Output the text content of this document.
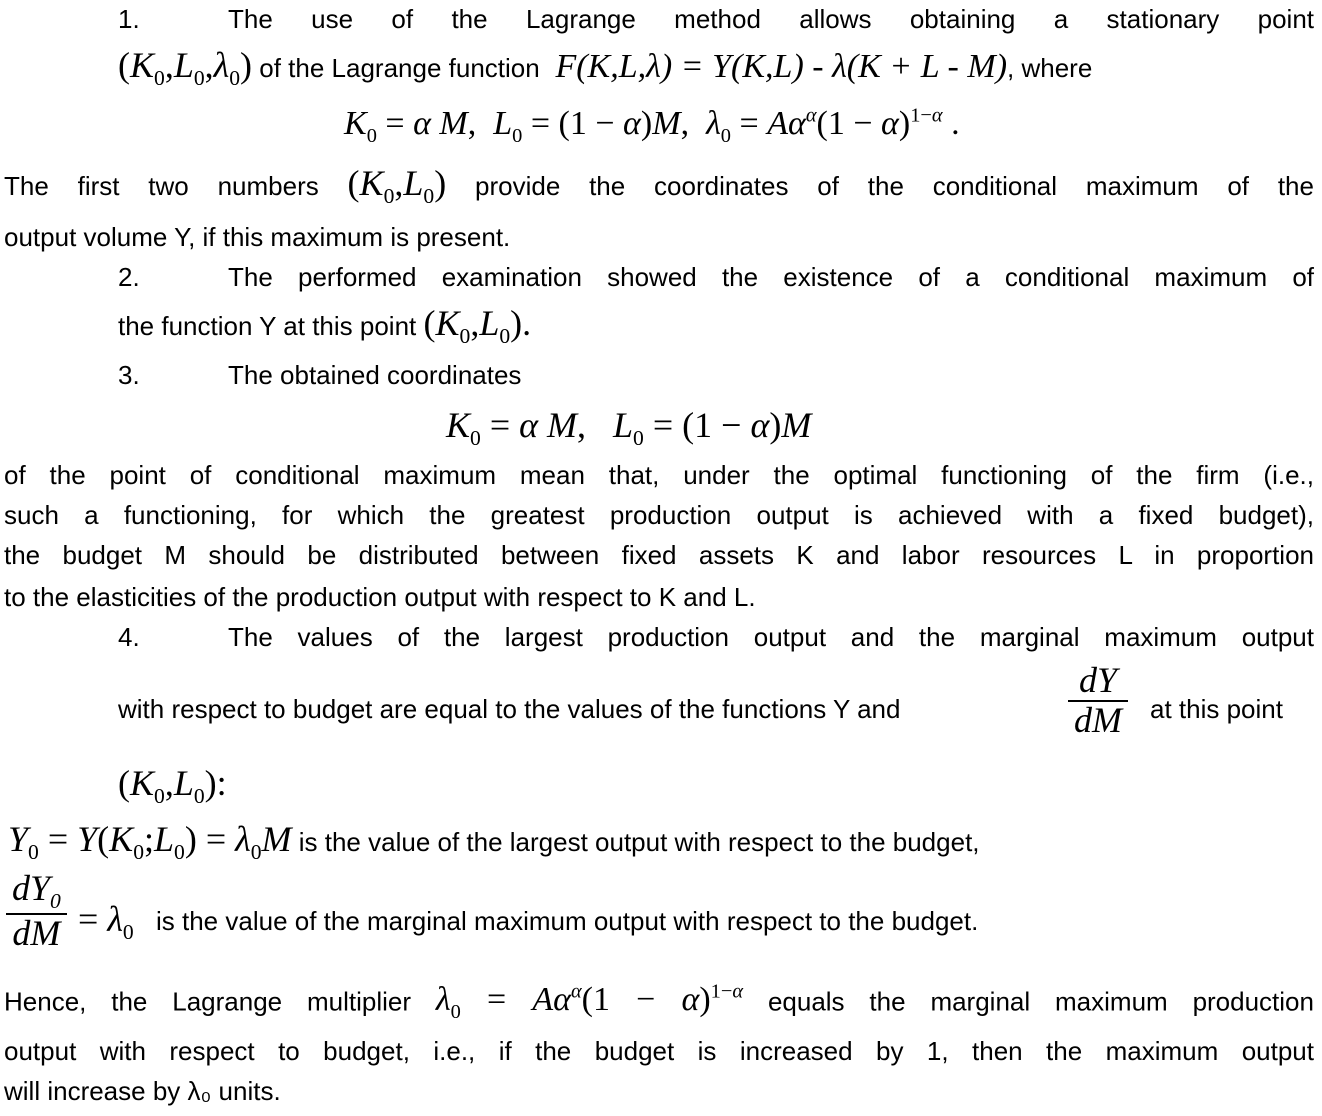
1.	The use of the Lagrange method allows obtaining a stationary point
$(K_0,L_0,\lambda_0)$ of the Lagrange function  F(K,L,λ) = Y(K,L) - λ(K + L - M), where
$K_0 = \alpha$ M,  $L_0 = (1 - \alpha)M$,  $\lambda_0 = A\alpha^\alpha(1 - \alpha)^{1-\alpha}$ .
The first two numbers $(K_0,L_0)$ provide the coordinates of the conditional maximum of the
output volume Y, if this maximum is present.
2.	The performed examination showed the existence of a conditional maximum of
the function Y at this point $(K_0,L_0)$.
3.	The obtained coordinates
$K_0 = \alpha$ M,   $L_0 = (1 - \alpha)M$
of the point of conditional maximum mean that, under the optimal functioning of the firm (i.e.,
such a functioning, for which the greatest production output is achieved with a fixed budget),
the budget M should be distributed between fixed assets K and labor resources L in proportion
to the elasticities of the production output with respect to K and L.
4.	The values of the largest production output and the marginal maximum output
with respect to budget are equal to the values of the functions Y and	$\frac{dY}{dM}$ at this point
$(K_0,L_0)$:
$Y_0$ = $Y(K_0;L_0) = \lambda_0M$ is the value of the largest output with respect to the budget,
$\frac{dY_0}{dM} = \lambda_0$ is the value of the marginal maximum output with respect to the budget.
Hence, the Lagrange multiplier $\lambda_0 = A\alpha^\alpha(1 - \alpha)^{1-\alpha}$ equals the marginal maximum production
output with respect to budget, i.e., if the budget is increased by 1, then the maximum output
will increase by λ₀ units.
